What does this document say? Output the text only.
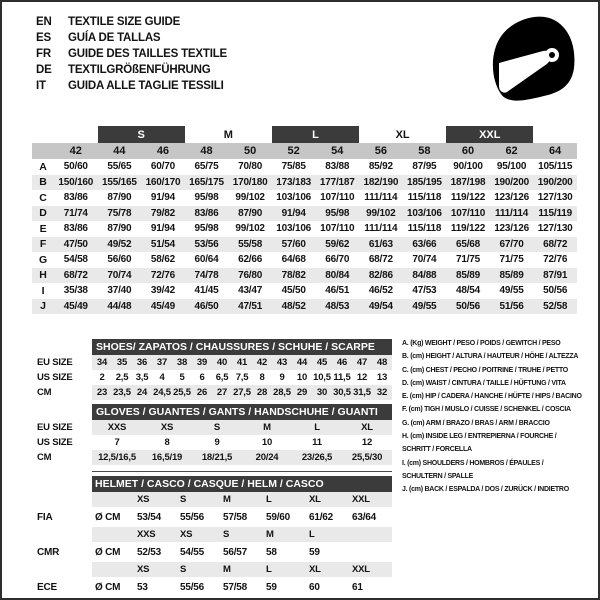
EN	TEXTILE SIZE GUIDE
ES	GUÍA DE TALLAS
FR	GUIDE DES TAILLES TEXTILE
DE	TEXTILGRÖßENFÜHRUNG
IT	GUIDA ALLE TAGLIE TESSILI
		S		M		L		XL		XXL		
	42	44	46	48	50	52	54	56	58	60	62	64
A	50/60	55/65	60/70	65/75	70/80	75/85	83/88	85/92	87/95	90/100	95/100	105/115
B	150/160	155/165	160/170	165/175	170/180	173/183	177/187	182/190	185/195	187/198	190/200	190/200
C	83/86	87/90	91/94	95/98	99/102	103/106	107/110	111/114	115/118	119/122	123/126	127/130
D	71/74	75/78	79/82	83/86	87/90	91/94	95/98	99/102	103/106	107/110	111/114	115/119
E	83/86	87/90	91/94	95/98	99/102	103/106	107/110	111/114	115/118	119/122	123/126	127/130
F	47/50	49/52	51/54	53/56	55/58	57/60	59/62	61/63	63/66	65/68	67/70	68/72
G	54/58	56/60	58/62	60/64	62/66	64/68	66/70	68/72	70/74	71/75	71/75	72/76
H	68/72	70/74	72/76	74/78	76/80	78/82	80/84	82/86	84/88	85/89	85/89	87/91
I	35/38	37/40	39/42	41/45	43/47	45/50	46/51	46/52	47/53	48/54	49/55	50/56
J	45/49	44/48	45/49	46/50	47/51	48/52	48/53	49/54	49/55	50/56	51/56	52/58
	SHOES/ ZAPATOS / CHAUSSURES / SCHUHE / SCARPE														
EU SIZE	34	35	36	37	38	39	40	41	42	43	44	45	46	47	48
US SIZE	2	2,5	3,5	4	5	6	6,5	7,5	8	9	10	10,5	11,5	12	13
CM	23	23,5	24	24,5	25,5	26	27	27,5	28	28,5	29	30	30,5	31,5	32
	GLOVES / GUANTES / GANTS / HANDSCHUHE / GUANTI					
EU SIZE	XXS	XS	S	M	L	XL
US SIZE	7	8	9	10	11	12
CM	12,5/16,5	16,5/19	18/21,5	20/24	23/26,5	25,5/30
	HELMET / CASCO / CASQUE / HELM / CASCO						
		XS	S	M	L	XL	XXL
FIA	Ø CM	53/54	55/56	57/58	59/60	61/62	63/64
		XXS	XS	S	M	L	
CMR	Ø CM	52/53	54/55	56/57	58	59	
		XS	S	M	L	XL	XXL
ECE	Ø CM	53	55/56	57/58	59	60	61
A. (Kg) WEIGHT / PESO / POIDS / GEWITCH / PESO
B. (cm) HEIGHT / ALTURA / HAUTEUR / HÖHE / ALTEZZA
C. (cm) CHEST / PECHO / POITRINE / TRUHE / PETTO
D. (cm) WAIST / CINTURA / TAILLE / HÜFTUNG / VITA
E. (cm) HIP / CADERA / HANCHE / HÜFTE / HIPS / BACINO
F. (cm) TIGH / MUSLO / CUISSE / SCHENKEL / COSCIA
G. (cm) ARM / BRAZO / BRAS / ARM / BRACCIO
H. (cm) INSIDE LEG / ENTREPIERNA / FOURCHE /
SCHRITT / FORCELLA
I. (cm) SHOULDERS / HOMBROS / ÉPAULES /
SCHULTERN / SPALLE
J. (cm) BACK / ESPALDA / DOS / ZURÜCK / INDIETRO
